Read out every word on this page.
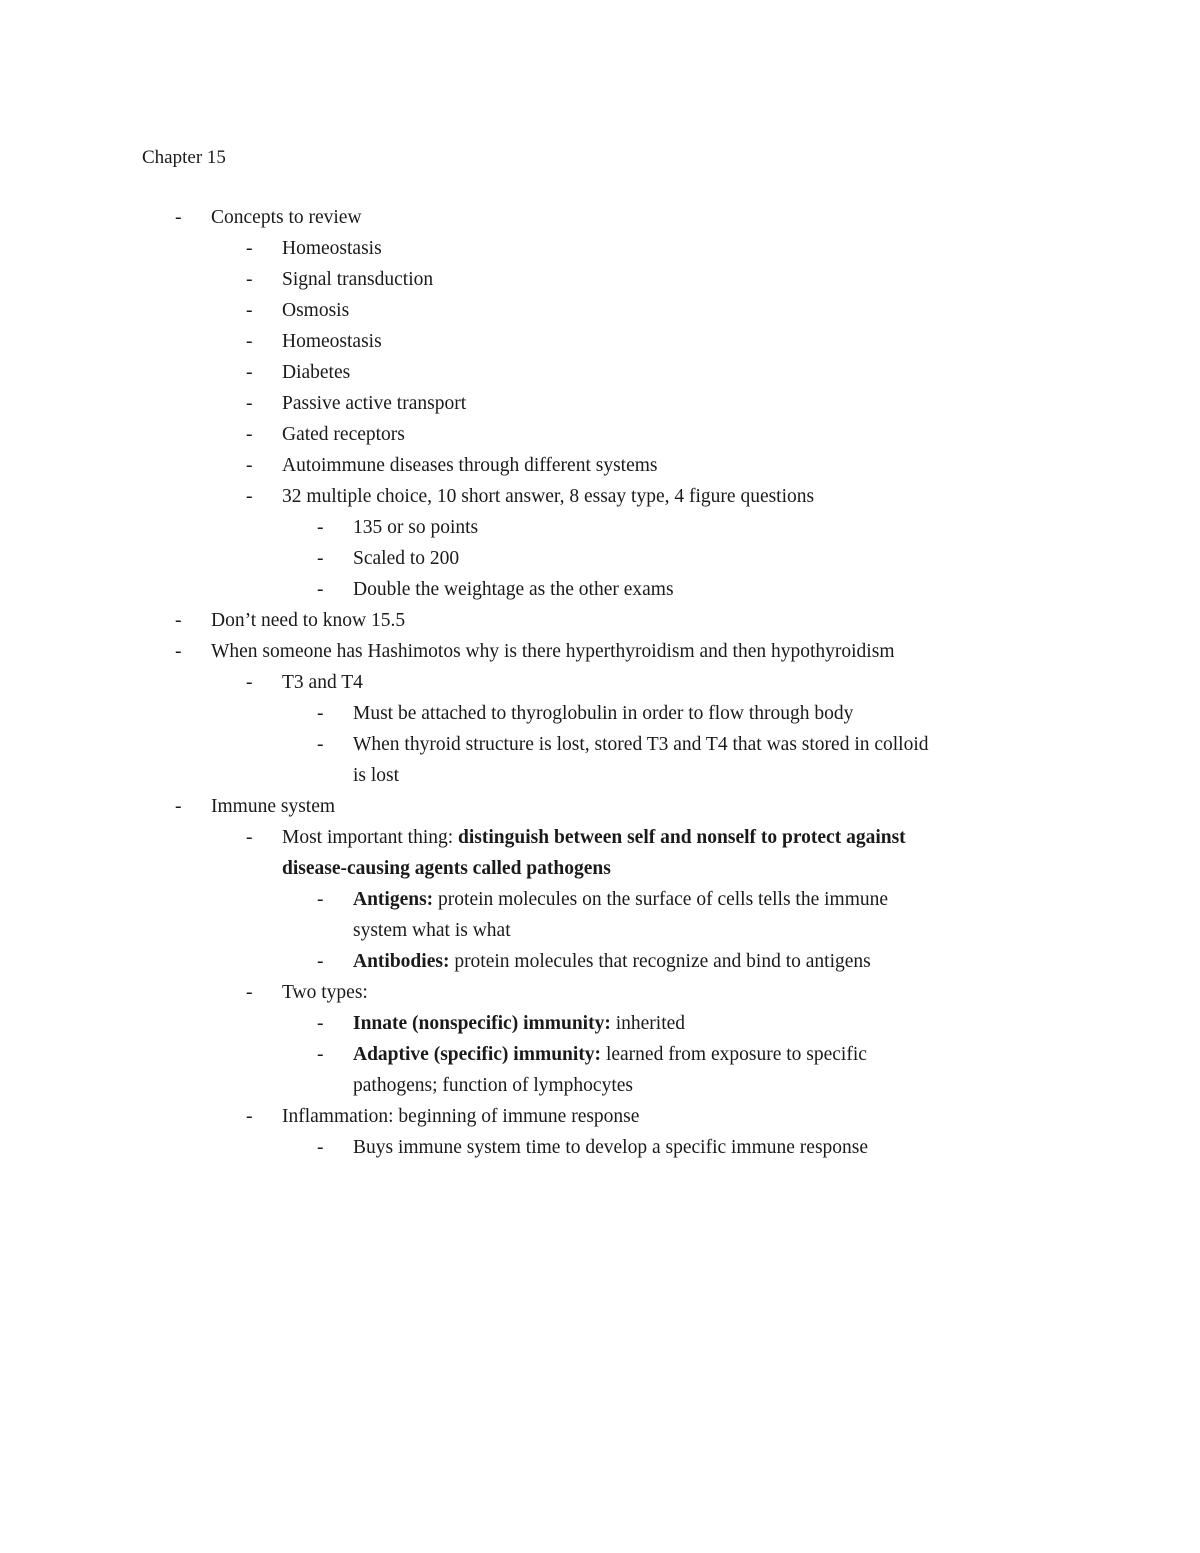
Chapter 15
- Concepts to review
- Homeostasis
- Signal transduction
- Osmosis
- Homeostasis
- Diabetes
- Passive active transport
- Gated receptors
- Autoimmune diseases through different systems
- 32 multiple choice, 10 short answer, 8 essay type, 4 figure questions
- 135 or so points
- Scaled to 200
- Double the weightage as the other exams
- Don’t need to know 15.5
- When someone has Hashimotos why is there hyperthyroidism and then hypothyroidism
- T3 and T4
- Must be attached to thyroglobulin in order to flow through body
- When thyroid structure is lost, stored T3 and T4 that was stored in colloid
is lost
- Immune system
- Most important thing: distinguish between self and nonself to protect against
disease-causing agents called pathogens
- Antigens: protein molecules on the surface of cells tells the immune
system what is what
- Antibodies: protein molecules that recognize and bind to antigens
- Two types:
- Innate (nonspecific) immunity: inherited
- Adaptive (specific) immunity: learned from exposure to specific
pathogens; function of lymphocytes
- Inflammation: beginning of immune response
- Buys immune system time to develop a specific immune response
